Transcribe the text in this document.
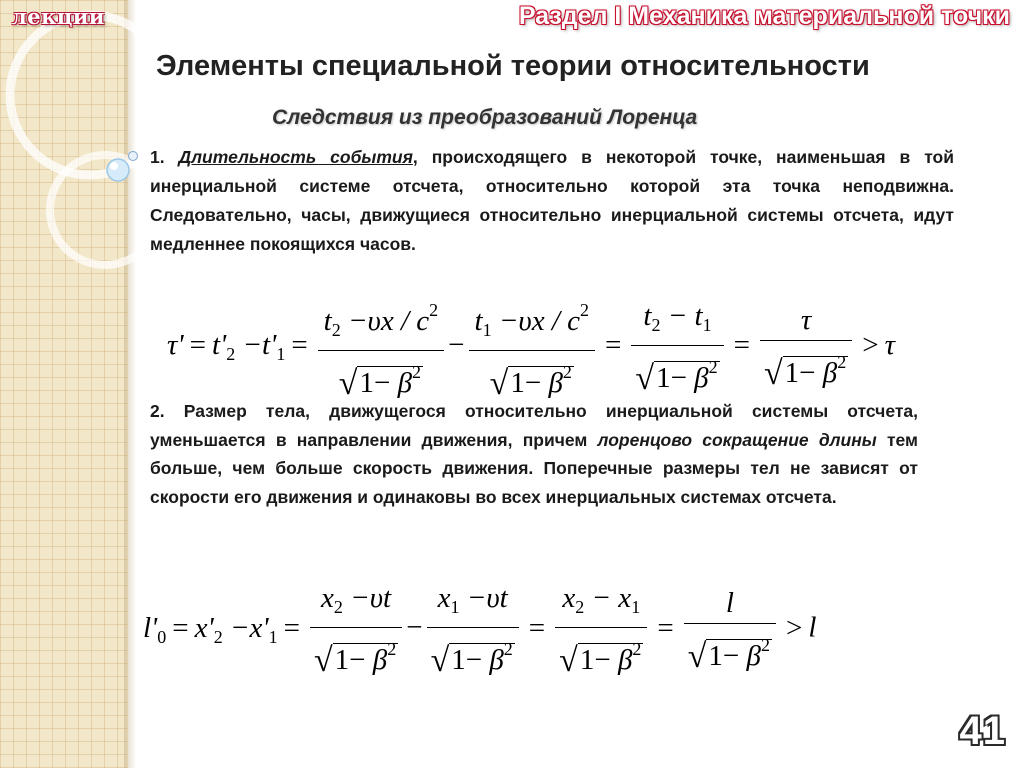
лекции	Раздел I Механика материальной точки
Элементы специальной теории относительности
Следствия из преобразований Лоренца
1. Длительность события, происходящего в некоторой точке, наименьшая в той инерциальной системе отсчета, относительно которой эта точка неподвижна. Следовательно, часы, движущиеся относительно инерциальной системы отсчета, идут медленнее покоящихся часов.
$\tau' = t'_2 -t'_1 = \frac{t_2 -\upsilon x / c^2}{√1- \beta^2} - \frac{t_1 -\upsilon x / c^2}{√1- \beta^2} = \frac{t_2 - t_1}{√1- \beta^2} = \frac{\tau}{√1- \beta^2} > \tau$
2. Размер тела, движущегося относительно инерциальной системы отсчета, уменьшается в направлении движения, причем лоренцово сокращение длины тем больше, чем больше скорость движения. Поперечные размеры тел не зависят от скорости его движения и одинаковы во всех инерциальных системах отсчета.
$l'_0 = x'_2 -x'_1 = \frac{x_2 -\upsilon t}{√1- \beta^2} - \frac{x_1 -\upsilon t}{√1- \beta^2} = \frac{x_2 - x_1}{√1- \beta^2} = \frac{l}{√1- \beta^2} > l$
41
